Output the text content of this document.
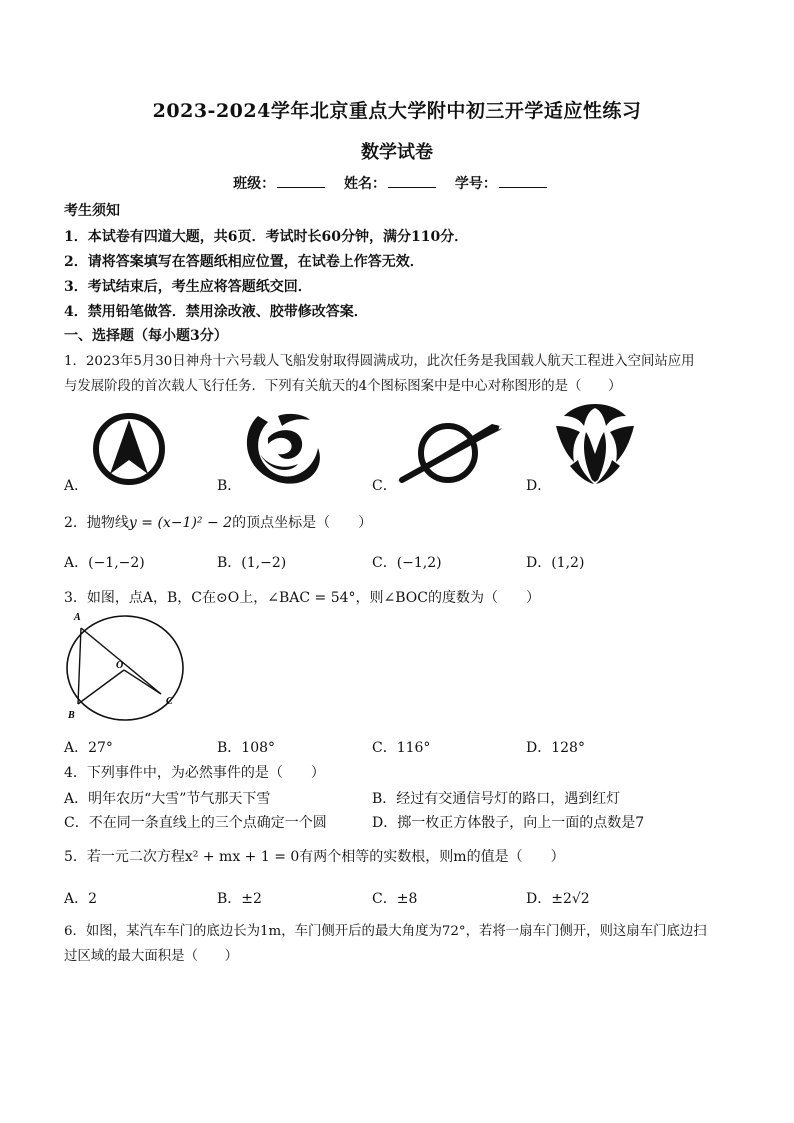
2023-2024学年北京重点大学附中初三开学适应性练习
数学试卷
班级：	姓名：	学号：
考生须知
1．本试卷有四道大题，共6页．考试时长60分钟，满分110分．
2．请将答案填写在答题纸相应位置，在试卷上作答无效．
3．考试结束后，考生应将答题纸交回．
4．禁用铅笔做答．禁用涂改液、胶带修改答案．
一、选择题（每小题3分）
1．2023年5月30日神舟十六号载人飞船发射取得圆满成功，此次任务是我国载人航天工程进入空间站应用
与发展阶段的首次载人飞行任务．下列有关航天的4个图标图案中是中心对称图形的是（　　）
A．	B．	C．	D．
2．抛物线y = (x−1)² − 2的顶点坐标是（　　）
A．(−1,−2)	B．(1,−2)	C．(−1,2)	D．(1,2)
3．如图，点A，B，C在⊙O上，∠BAC = 54°，则∠BOC的度数为（　　）
A
B
C
O
A．27°	B．108°	C．116°	D．128°
4．下列事件中，为必然事件的是（　　）
A．明年农历“大雪”节气那天下雪	B．经过有交通信号灯的路口，遇到红灯
C．不在同一条直线上的三个点确定一个圆	D．掷一枚正方体骰子，向上一面的点数是7
5．若一元二次方程x² + mx + 1 = 0有两个相等的实数根，则m的值是（　　）
A．2	B．±2	C．±8	D．±2√2
6．如图，某汽车车门的底边长为1m，车门侧开后的最大角度为72°，若将一扇车门侧开，则这扇车门底边扫
过区域的最大面积是（　　）
